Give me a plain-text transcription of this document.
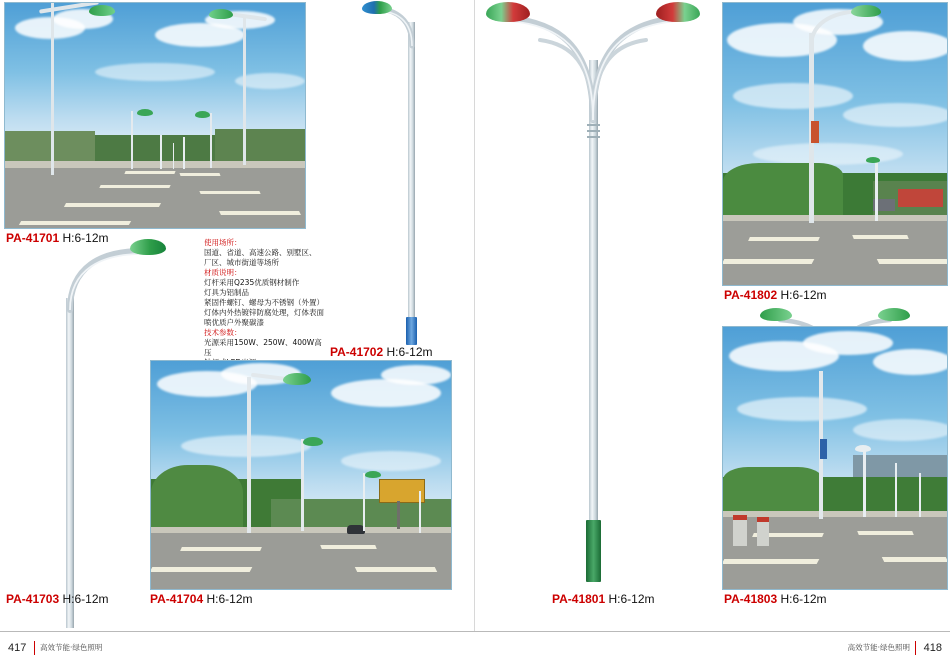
PA-41701 H:6-12m
PA-41702 H:6-12m
使用场所：
国道、省道、高速公路、别墅区、
厂区、城市街道等场所
材质说明：
灯杆采用Q235优质钢材制作
灯具为铝制品
紧固件螺钉、螺母为不锈钢（外置）
灯体内外热镀锌防腐处理，灯体表面
喷优质户外聚碳漆
技术参数：
光源采用150W、250W、400W高压
PA-41703 H:6-12m	PA-41704 H:6-12m	PA-41801 H:6-12m
PA-41802 H:6-12m
PA-41803 H:6-12m
417 高效节能·绿色照明	418
高效节能·绿色照明
